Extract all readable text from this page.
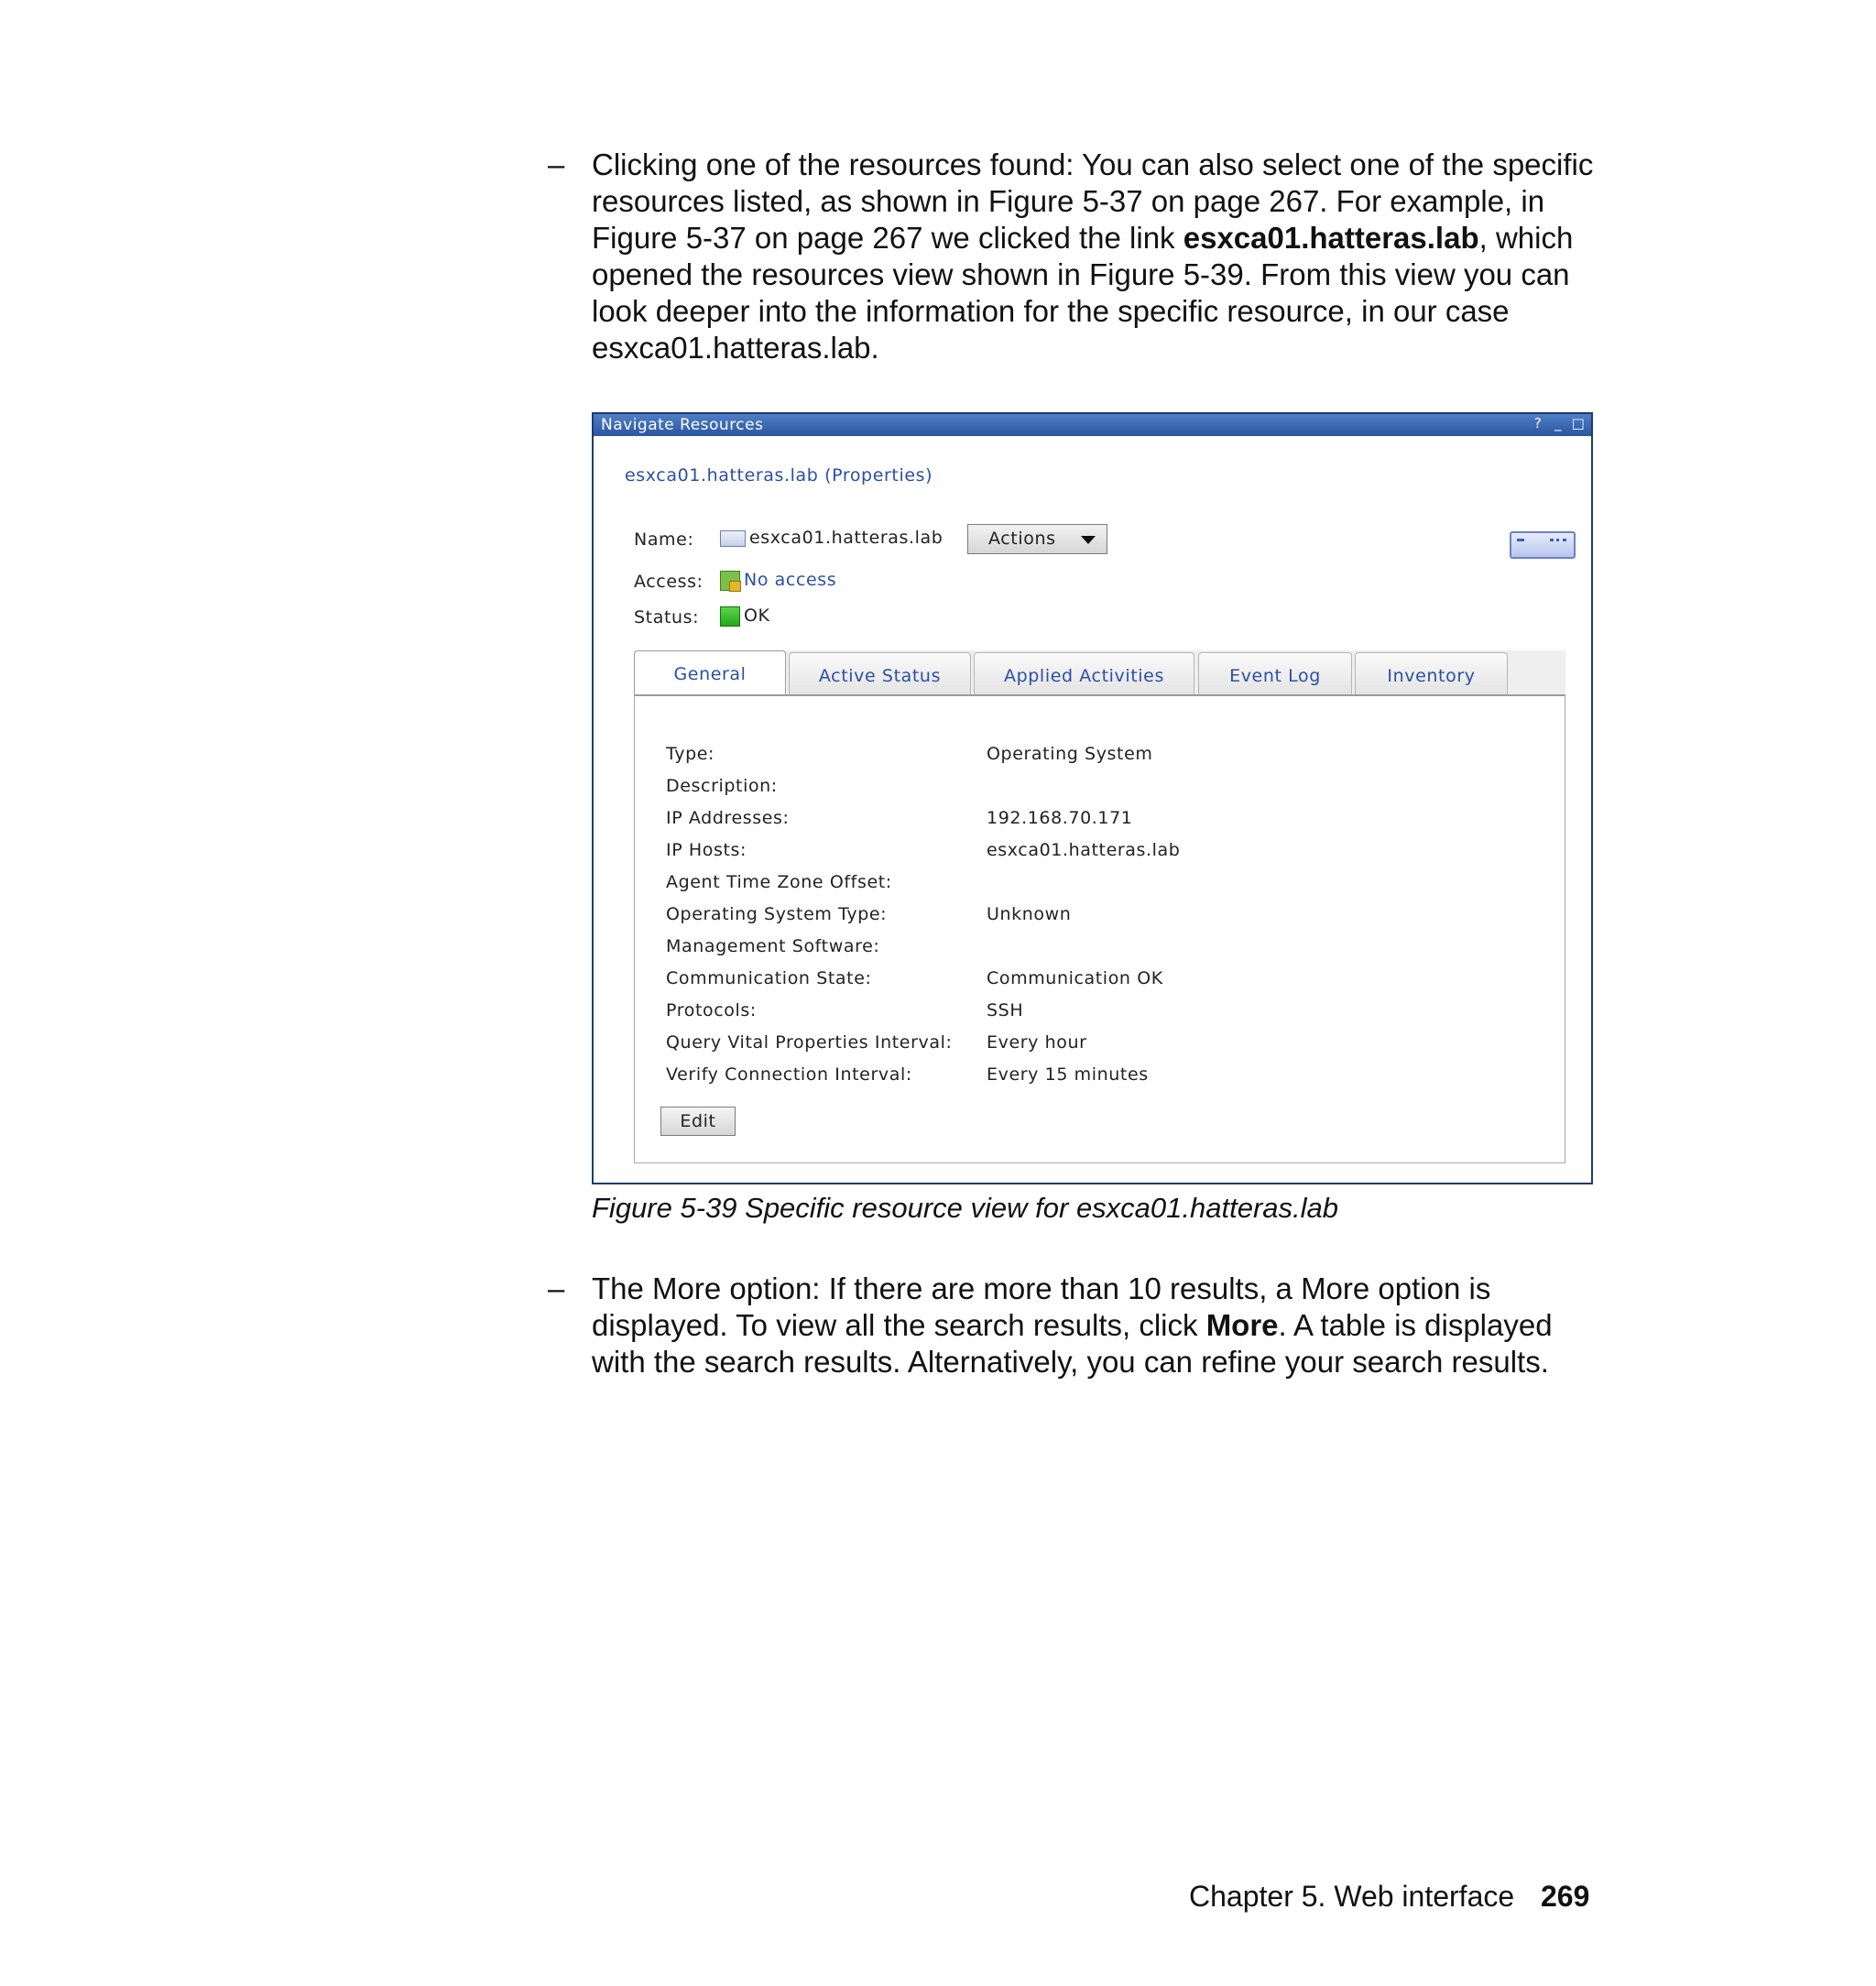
– Clicking one of the resources found: You can also select one of the specific resources listed, as shown in Figure 5-37 on page 267. For example, in Figure 5-37 on page 267 we clicked the link esxca01.hatteras.lab, which opened the resources view shown in Figure 5-39. From this view you can look deeper into the information for the specific resource, in our case esxca01.hatteras.lab.
Navigate Resources	? _ □
esxca01.hatteras.lab (Properties)
Name:	esxca01.hatteras.lab	Actions
Access:	No access
Status:	OK
General	Active Status	Applied Activities	Event Log	Inventory
Type:	Operating System
Description:
IP Addresses:	192.168.70.171
IP Hosts:	esxca01.hatteras.lab
Agent Time Zone Offset:
Operating System Type:	Unknown
Management Software:
Communication State:	Communication OK
Protocols:	SSH
Query Vital Properties Interval:	Every hour
Verify Connection Interval:	Every 15 minutes
Edit
Figure 5-39 Specific resource view for esxca01.hatteras.lab
– The More option: If there are more than 10 results, a More option is displayed. To view all the search results, click More. A table is displayed with the search results. Alternatively, you can refine your search results.
Chapter 5. Web interface 269
